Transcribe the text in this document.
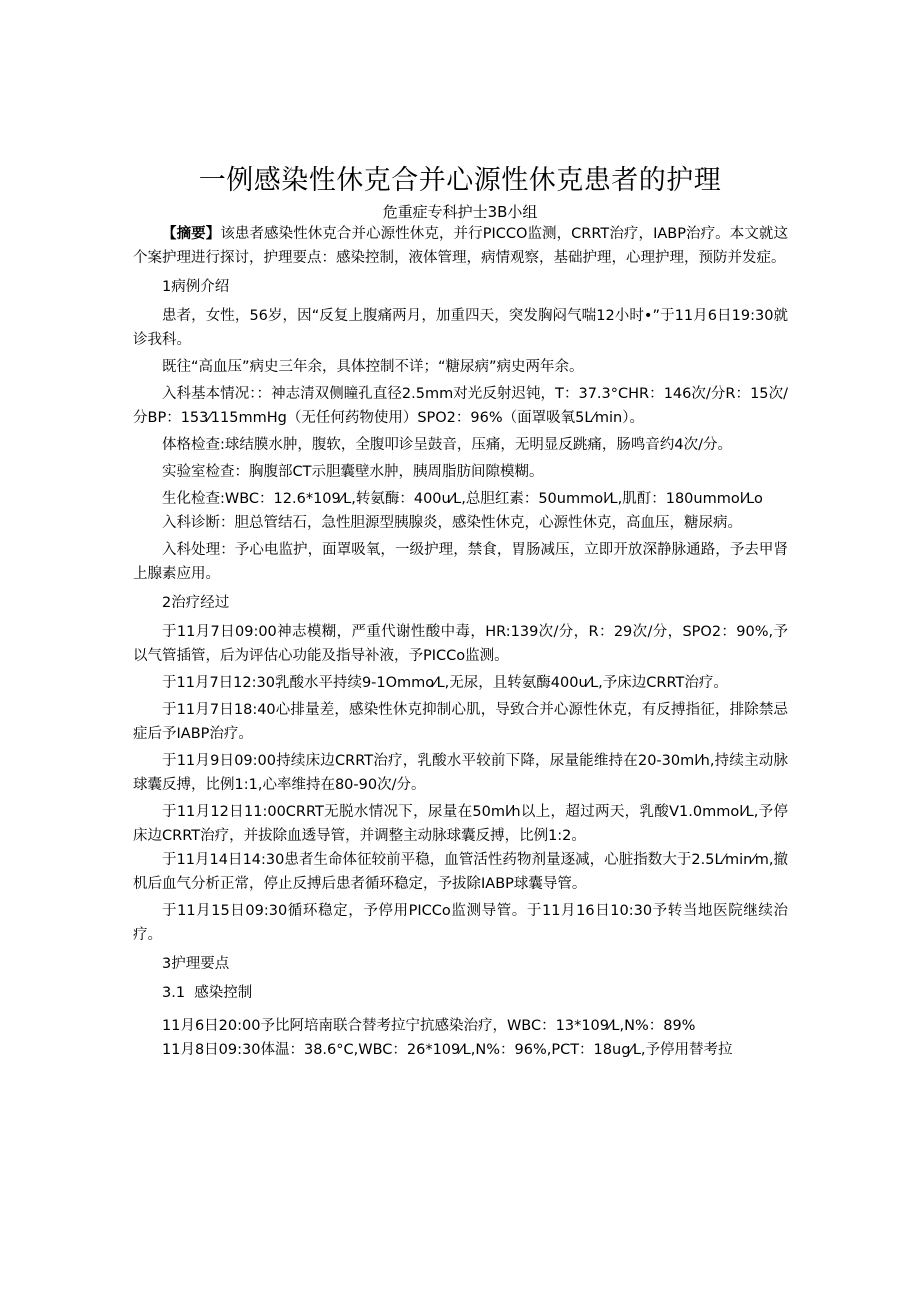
一例感染性休克合并心源性休克患者的护理
危重症专科护士3B小组

【摘要】该患者感染性休克合并心源性休克，并行PICCO监测，CRRT治疗，IABP治疗。本文就这个案护理进行探讨，护理要点：感染控制，液体管理，病情观察，基础护理，心理护理，预防并发症。

1病例介绍

患者，女性，56岁，因“反复上腹痛两月，加重四天，突发胸闷气喘12小时•”于11月6日19:30就诊我科。

既往“高血压”病史三年余，具体控制不详；“糖尿病”病史两年余。

入科基本情况：：神志清双侧瞳孔直径2.5mm对光反射迟钝，T：37.3°CHR：146次/分R：15次/分BP：153⁄115mmHg（无任何药物使用）SPO2：96%（面罩吸氧5L⁄min）。

体格检查:球结膜水肿，腹软，全腹叩诊呈鼓音，压痛，无明显反跳痛，肠鸣音约4次/分。

实验室检查：胸腹部CT示胆囊壁水肿，胰周脂肪间隙模糊。

生化检查:WBC：12.6*109⁄L,转氨酶：400u⁄L,总胆红素：50ummol⁄L,肌酊：180ummol⁄Lo

入科诊断：胆总管结石，急性胆源型胰腺炎，感染性休克，心源性休克，高血压，糖尿病。

入科处理：予心电监护，面罩吸氧，一级护理，禁食，胃肠减压，立即开放深静脉通路，予去甲肾上腺素应用。

2治疗经过

于11月7日09:00神志模糊，严重代谢性酸中毒，HR:139次/分，R：29次/分，SPO2：90%,予以气管插管，后为评估心功能及指导补液，予PICCo监测。

于11月7日12:30乳酸水平持续9-1Ommo⁄L,无尿，且转氨酶400u⁄L,予床边CRRT治疗。

于11月7日18:40心排量差，感染性休克抑制心肌，导致合并心源性休克，有反搏指征，排除禁忌症后予IABP治疗。

于11月9日09:00持续床边CRRT治疗，乳酸水平较前下降，尿量能维持在20-30ml⁄h,持续主动脉球囊反搏，比例1:1,心率维持在80-90次/分。

于11月12日11:00CRRT无脱水情况下，尿量在50ml⁄h以上，超过两天，乳酸V1.0mmol⁄L,予停床边CRRT治疗，并拔除血透导管，并调整主动脉球囊反搏，比例1:2。

于11月14日14:30患者生命体征较前平稳，血管活性药物剂量逐减，心脏指数大于2.5L⁄min⁄m,撤机后血气分析正常，停止反搏后患者循环稳定，予拔除IABP球囊导管。

于11月15日09:30循环稳定，予停用PICCo监测导管。于11月16日10:30予转当地医院继续治疗。

3护理要点

3.1  感染控制

11月6日20:00予比阿培南联合替考拉宁抗感染治疗，WBC：13*109⁄L,N%：89%

11月8日09:30体温：38.6°C,WBC：26*109⁄L,N%：96%,PCT：18ug⁄L,予停用替考拉
